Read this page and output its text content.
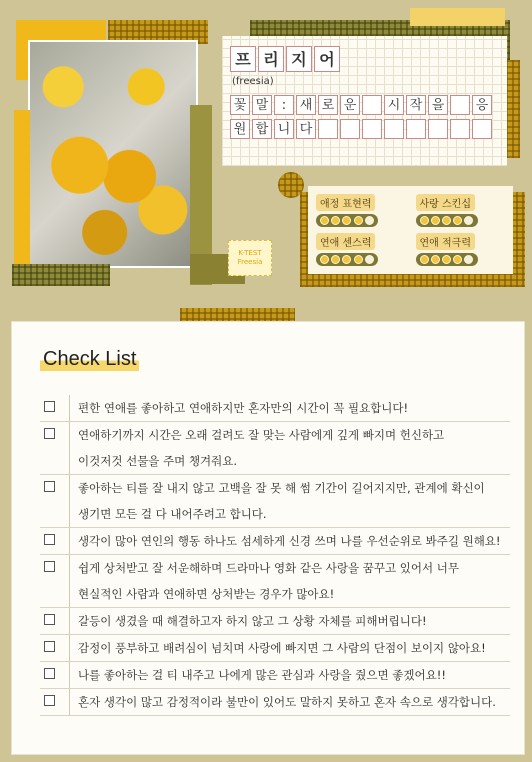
프 리 지 어
(freesia)
꽃 말	:	새 로 운 시 작 을 응
원 합 니 다
애정 표현력	사랑 스킨십
연애 센스력	연애 적극력
K-TEST
Freesia
Check List
편한 연애를 좋아하고 연애하지만 혼자만의 시간이 꼭 필요합니다!
연애하기까지 시간은 오래 걸려도 잘 맞는 사람에게 깊게 빠지며 헌신하고
이것저것 선물을 주며 챙겨줘요.
좋아하는 티를 잘 내지 않고 고백을 잘 못 해 썸 기간이 길어지지만, 관계에 확신이
생기면 모든 걸 다 내어주려고 합니다.
생각이 많아 연인의 행동 하나도 섬세하게 신경 쓰며 나를 우선순위로 봐주길 원해요!
쉽게 상처받고 잘 서운해하며 드라마나 영화 같은 사랑을 꿈꾸고 있어서 너무
현실적인 사람과 연애하면 상처받는 경우가 많아요!
갈등이 생겼을 때 해결하고자 하지 않고 그 상황 자체를 피해버립니다!
감정이 풍부하고 배려심이 넘치며 사랑에 빠지면 그 사람의 단점이 보이지 않아요!
나를 좋아하는 걸 티 내주고 나에게 많은 관심과 사랑을 줬으면 좋겠어요!!
혼자 생각이 많고 감정적이라 불만이 있어도 말하지 못하고 혼자 속으로 생각합니다.
